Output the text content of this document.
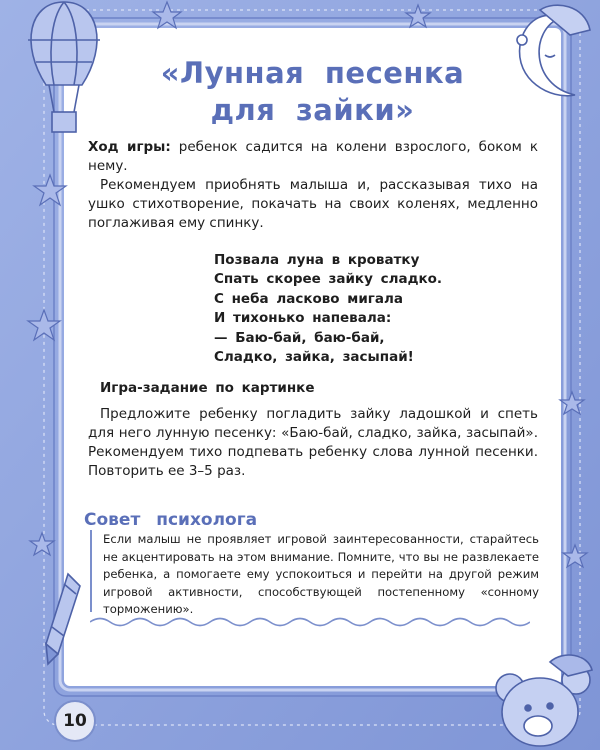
«Лунная песенка
для зайки»
Ход игры: ребенок садится на колени взрослого, боком к нему.
Рекомендуем приобнять малыша и, рассказывая тихо на ушко стихотворение, покачать на своих коленях, медленно поглаживая ему спинку.
Позвала луна в кроватку
Спать скорее зайку сладко.
С неба ласково мигала
И тихонько напевала:
— Баю-бай, баю-бай,
Сладко, зайка, засыпай!
Игра-задание по картинке
Предложите ребенку погладить зайку ладошкой и спеть для него лунную песенку: «Баю-бай, сладко, зайка, засыпай». Рекомендуем тихо подпевать ребенку слова лунной песенки. Повторить ее 3–5 раз.
Совет психолога
Если малыш не проявляет игровой заинтересованности, старайтесь не акцентировать на этом внимание. Помните, что вы не развлекаете ребенка, а помогаете ему успокоиться и перейти на другой режим игровой активности, способствующей постепенному «сонному торможению».
10
